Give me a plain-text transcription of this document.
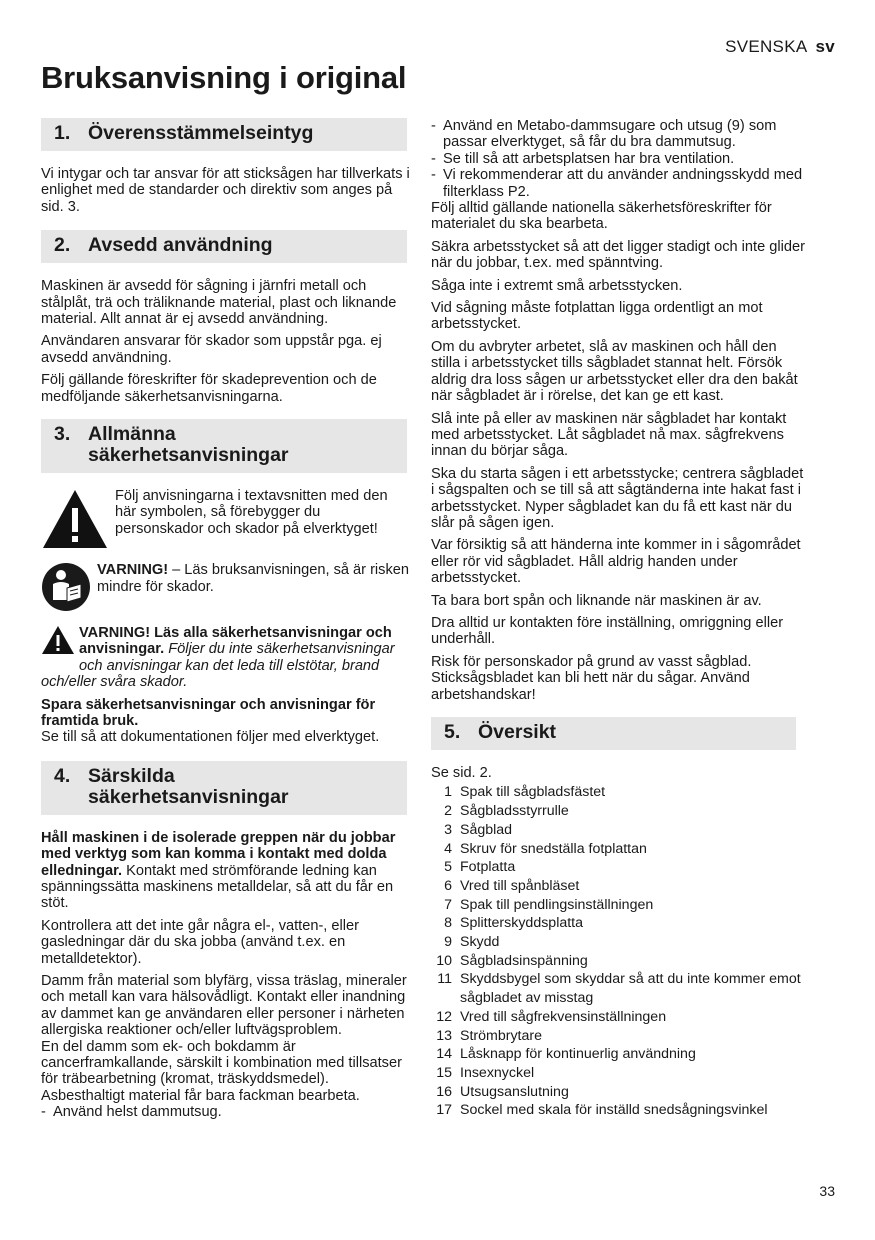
SVENSKA sv
Bruksanvisning i original
1. Överensstämmelseintyg

Vi intygar och tar ansvar för att sticksågen har tillverkats i enlighet med de standarder och direktiv som anges på sid. 3.

2. Avsedd användning

Maskinen är avsedd för sågning i järnfri metall och stålplåt, trä och träliknande material, plast och liknande material. Allt annat är ej avsedd användning.

Användaren ansvarar för skador som uppstår pga. ej avsedd användning.

Följ gällande föreskrifter för skadeprevention och de medföljande säkerhetsanvisningarna.

3. Allmänna
säkerhetsanvisningar
Följ anvisningarna i textavsnitten med den här symbolen, så förebygger du personskador och skador på elverktyget!
VARNING! – Läs bruksanvisningen, så är risken mindre för skador.

VARNING! Läs alla säkerhetsanvisningar och anvisningar. Följer du inte säkerhetsanvisningar och anvisningar kan det leda till elstötar, brand och/eller svåra skador.

Spara säkerhetsanvisningar och anvisningar för framtida bruk.
Se till så att dokumentationen följer med elverktyget.

4. Särskilda
säkerhetsanvisningar

Håll maskinen i de isolerade greppen när du jobbar med verktyg som kan komma i kontakt med dolda elledningar. Kontakt med strömförande ledning kan spänningssätta maskinens metalldelar, så att du får en stöt.

Kontrollera att det inte går några el-, vatten-, eller gasledningar där du ska jobba (använd t.ex. en metalldetektor).

Damm från material som blyfärg, vissa träslag, mineraler och metall kan vara hälsovådligt. Kontakt eller inandning av dammet kan ge användaren eller personer i närheten allergiska reaktioner och/eller luftvägsproblem.
En del damm som ek- och bokdamm är cancerframkallande, särskilt i kombination med tillsatser för träbearbetning (kromat, träskyddsmedel). Asbesthaltigt material får bara fackman bearbeta.

- Använd helst dammutsug.
- Använd en Metabo-dammsugare och utsug (9) som passar elverktyget, så får du bra dammutsug.
- Se till så att arbetsplatsen har bra ventilation.
- Vi rekommenderar att du använder andningsskydd med filterklass P2.

Följ alltid gällande nationella säkerhetsföreskrifter för materialet du ska bearbeta.

Säkra arbetsstycket så att det ligger stadigt och inte glider när du jobbar, t.ex. med spänntving.

Såga inte i extremt små arbetsstycken.

Vid sågning måste fotplattan ligga ordentligt an mot arbetsstycket.

Om du avbryter arbetet, slå av maskinen och håll den stilla i arbetsstycket tills sågbladet stannat helt. Försök aldrig dra loss sågen ur arbetsstycket eller dra den bakåt när sågbladet är i rörelse, det kan ge ett kast.

Slå inte på eller av maskinen när sågbladet har kontakt med arbetsstycket. Låt sågbladet nå max. sågfrekvens innan du börjar såga.

Ska du starta sågen i ett arbetsstycke; centrera sågbladet i sågspalten och se till så att sågtänderna inte hakat fast i arbetsstycket. Nyper sågbladet kan du få ett kast när du slår på sågen igen.

Var försiktig så att händerna inte kommer in i sågområdet eller rör vid sågbladet. Håll aldrig handen under arbetsstycket.

Ta bara bort spån och liknande när maskinen är av.

Dra alltid ur kontakten före inställning, omriggning eller underhåll.

Risk för personskador på grund av vasst sågblad. Sticksågsbladet kan bli hett när du sågar. Använd arbetshandskar!

5. Översikt

Se sid. 2.

1 Spak till sågbladsfästet
2 Sågbladsstyrrulle
3 Sågblad
4 Skruv för snedställa fotplattan
5 Fotplatta
6 Vred till spånbläset
7 Spak till pendlingsinställningen
8 Splitterskyddsplatta
9 Skydd
10 Sågbladsinspänning
11 Skyddsbygel som skyddar så att du inte kommer emot sågbladet av misstag
12 Vred till sågfrekvensinställningen
13 Strömbrytare
14 Låsknapp för kontinuerlig användning
15 Insexnyckel
16 Utsugsanslutning
17 Sockel med skala för inställd snedsågningsvinkel
33
